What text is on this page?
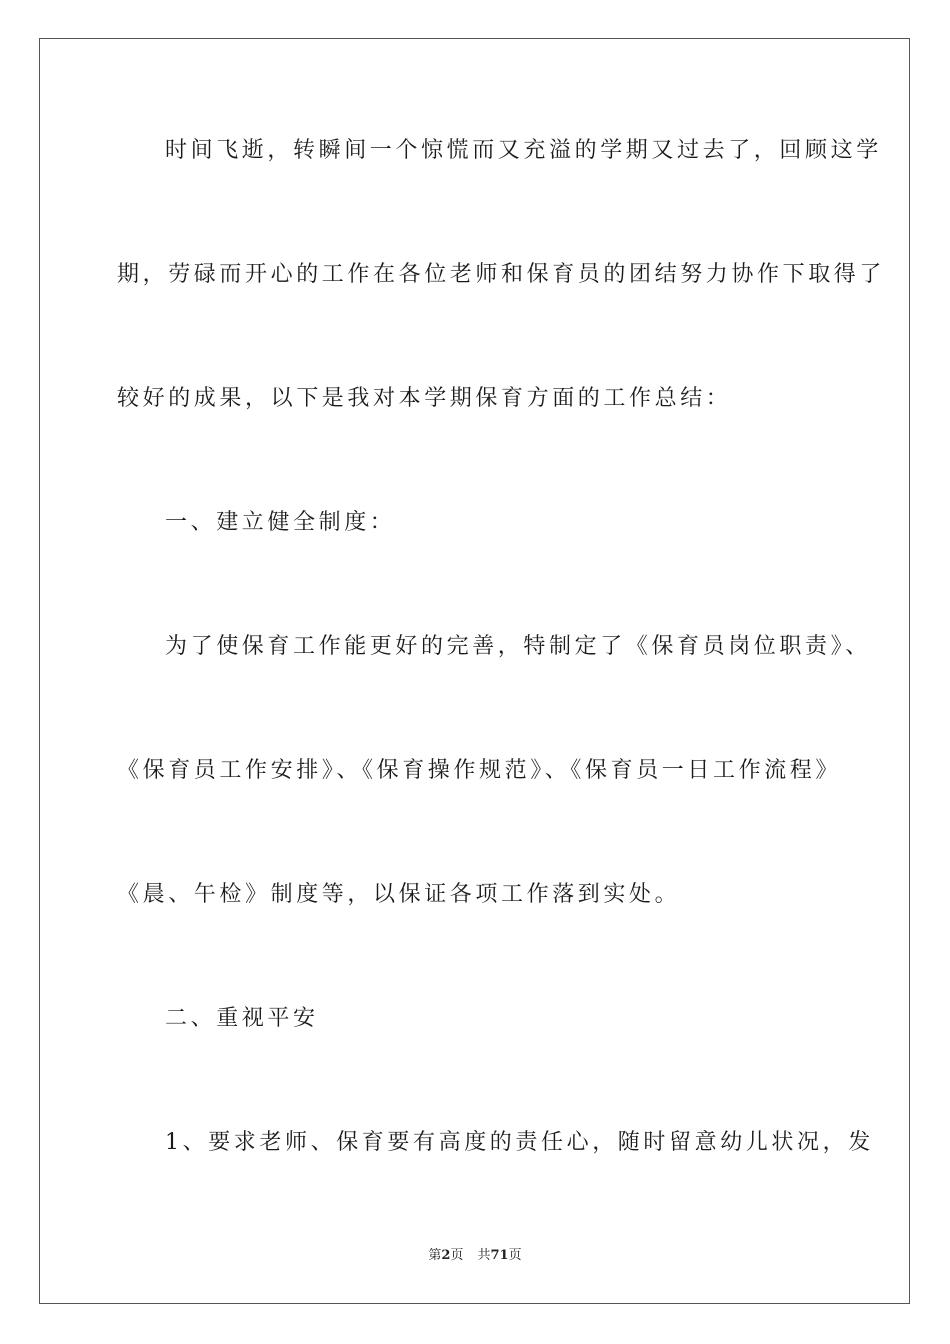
时间飞逝，转瞬间一个惊慌而又充溢的学期又过去了，回顾这学
期，劳碌而开心的工作在各位老师和保育员的团结努力协作下取得了
较好的成果，以下是我对本学期保育方面的工作总结：
一、建立健全制度：
为了使保育工作能更好的完善，特制定了《保育员岗位职责》、
《保育员工作安排》、《保育操作规范》、《保育员一日工作流程》
《晨、午检》制度等，以保证各项工作落到实处。
二、重视平安
1、要求老师、保育要有高度的责任心，随时留意幼儿状况，发
第2页 共71页
